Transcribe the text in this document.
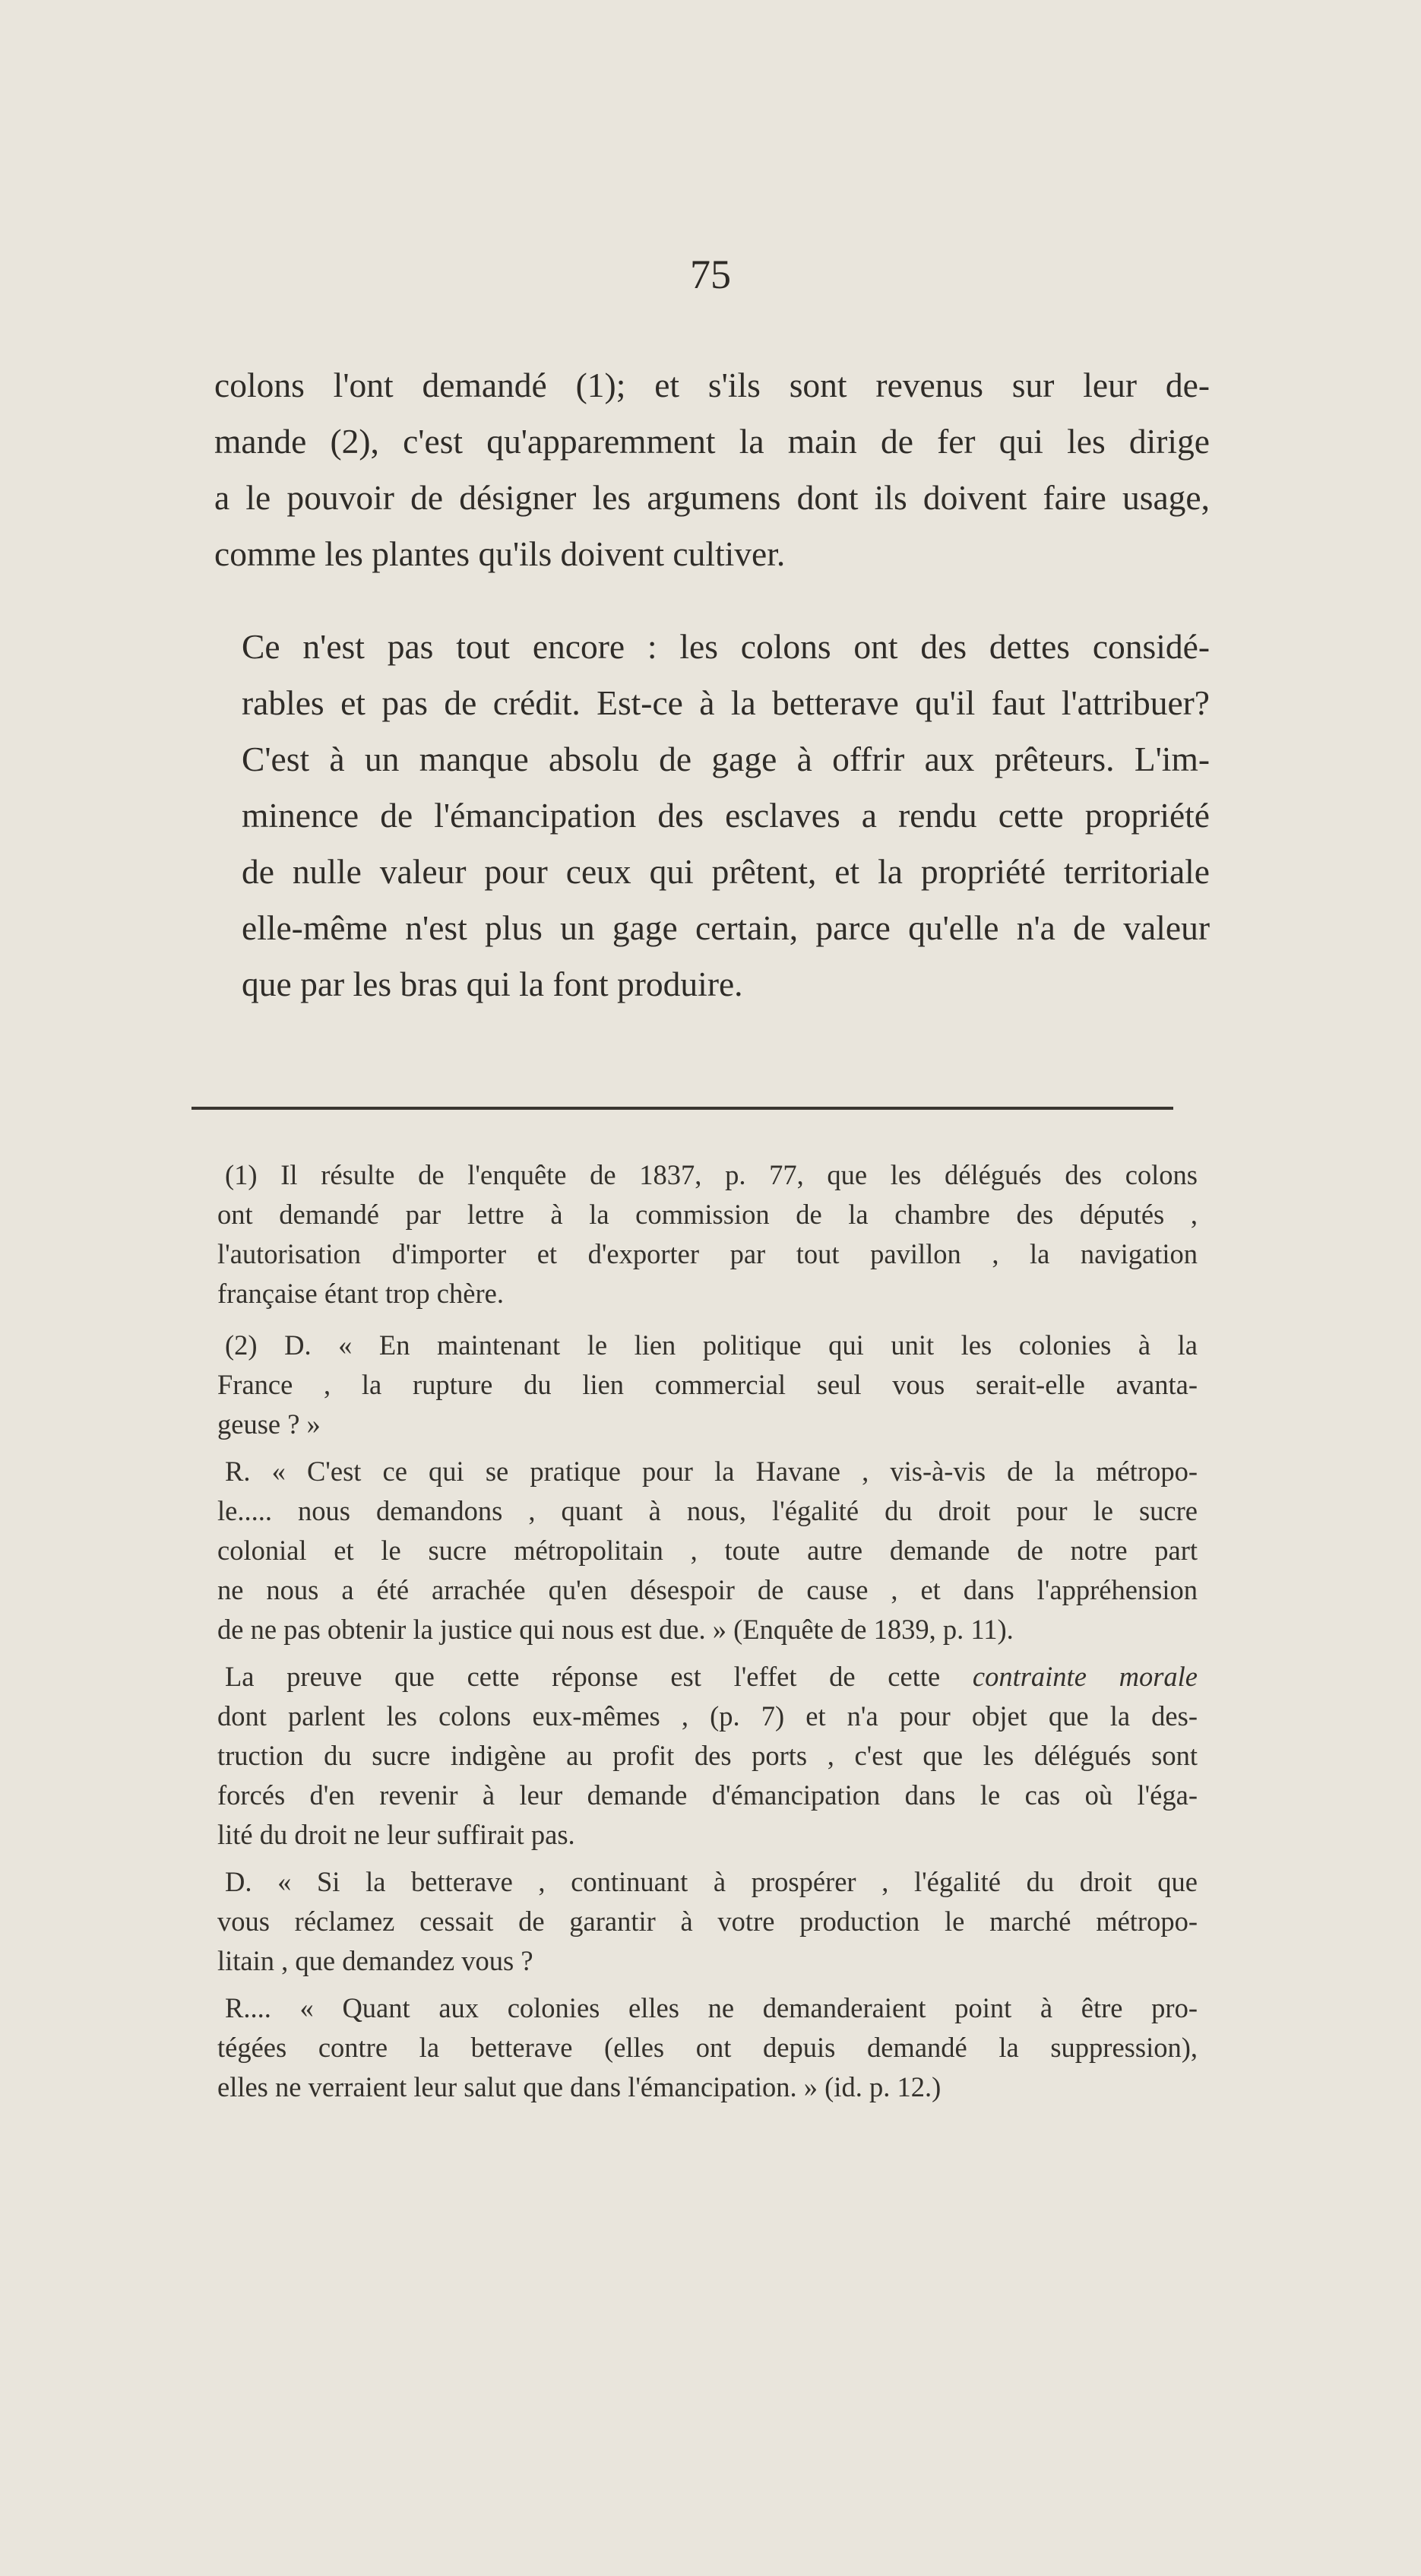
75

colons l'ont demandé (1); et s'ils sont revenus sur leur de-
mande (2), c'est qu'apparemment la main de fer qui les dirige
a le pouvoir de désigner les argumens dont ils doivent faire usage,
comme les plantes qu'ils doivent cultiver.

Ce n'est pas tout encore : les colons ont des dettes considé-
rables et pas de crédit. Est-ce à la betterave qu'il faut l'attribuer?
C'est à un manque absolu de gage à offrir aux prêteurs. L'im-
minence de l'émancipation des esclaves a rendu cette propriété
de nulle valeur pour ceux qui prêtent, et la propriété territoriale
elle-même n'est plus un gage certain, parce qu'elle n'a de valeur
que par les bras qui la font produire.

(1) Il résulte de l'enquête de 1837, p. 77, que les délégués des colons
ont demandé par lettre à la commission de la chambre des députés ,
l'autorisation d'importer et d'exporter par tout pavillon , la navigation
française étant trop chère.
(2) D. « En maintenant le lien politique qui unit les colonies à la
France , la rupture du lien commercial seul vous serait-elle avanta-
geuse ? »
R. « C'est ce qui se pratique pour la Havane , vis-à-vis de la métropo-
le..... nous demandons , quant à nous, l'égalité du droit pour le sucre
colonial et le sucre métropolitain , toute autre demande de notre part
ne nous a été arrachée qu'en désespoir de cause , et dans l'appréhension
de ne pas obtenir la justice qui nous est due. » (Enquête de 1839, p. 11).
La preuve que cette réponse est l'effet de cette contrainte morale
dont parlent les colons eux-mêmes , (p. 7) et n'a pour objet que la des-
truction du sucre indigène au profit des ports , c'est que les délégués sont
forcés d'en revenir à leur demande d'émancipation dans le cas où l'éga-
lité du droit ne leur suffirait pas.
D. « Si la betterave , continuant à prospérer , l'égalité du droit que
vous réclamez cessait de garantir à votre production le marché métropo-
litain , que demandez vous ?
R.... « Quant aux colonies elles ne demanderaient point à être pro-
tégées contre la betterave (elles ont depuis demandé la suppression),
elles ne verraient leur salut que dans l'émancipation. » (id. p. 12.)
